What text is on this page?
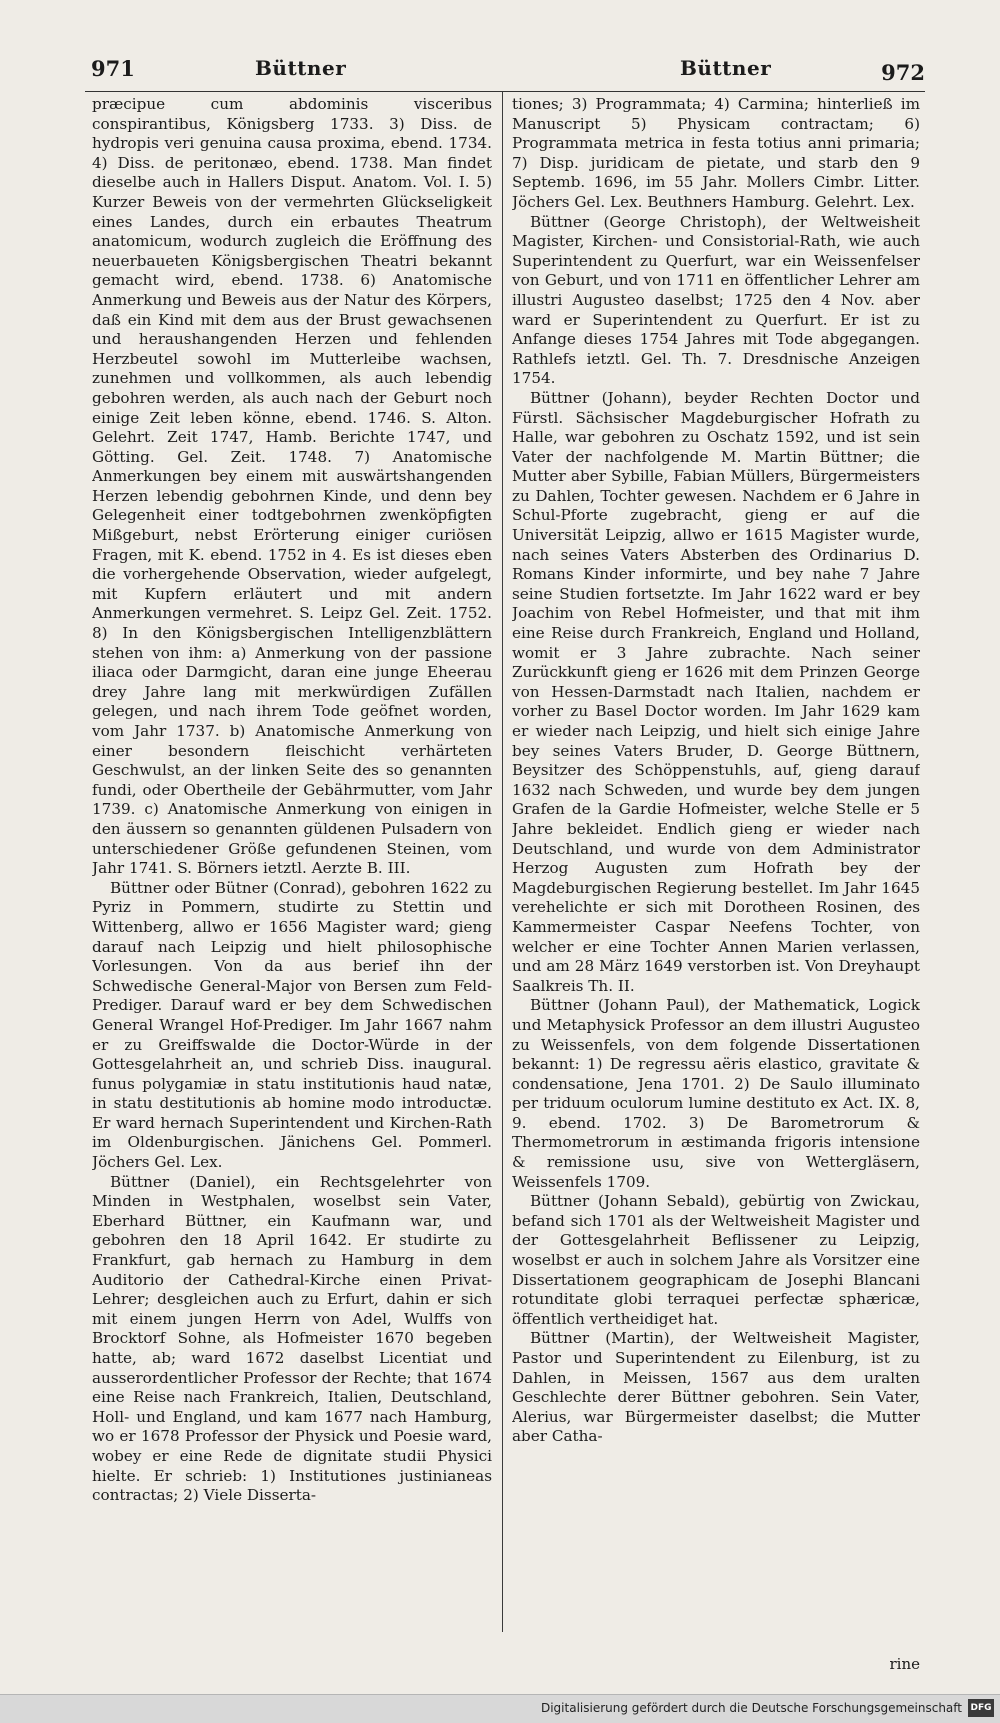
971	Büttner	Büttner	972

præcipue cum abdominis visceribus conspirantibus, Königsberg 1733. 3) Diss. de hydropis veri genuina causa proxima, ebend. 1734. 4) Diss. de peritonæo, ebend. 1738. Man findet dieselbe auch in Hallers Disput. Anatom. Vol. I. 5) Kurzer Beweis von der vermehrten Glückseligkeit eines Landes, durch ein erbautes Theatrum anatomicum, wodurch zugleich die Eröffnung des neuerbaueten Königsbergischen Theatri bekannt gemacht wird, ebend. 1738. 6) Anatomische Anmerkung und Beweis aus der Natur des Körpers, daß ein Kind mit dem aus der Brust gewachsenen und heraushangenden Herzen und fehlenden Herzbeutel sowohl im Mutterleibe wachsen, zunehmen und vollkommen, als auch lebendig gebohren werden, als auch nach der Geburt noch einige Zeit leben könne, ebend. 1746. S. Alton. Gelehrt. Zeit 1747, Hamb. Berichte 1747, und Götting. Gel. Zeit. 1748. 7) Anatomische Anmerkungen bey einem mit auswärtshangenden Herzen lebendig gebohrnen Kinde, und denn bey Gelegenheit einer todtgebohrnen zwenköpfigten Mißgeburt, nebst Erörterung einiger curiösen Fragen, mit K. ebend. 1752 in 4. Es ist dieses eben die vorhergehende Observation, wieder aufgelegt, mit Kupfern erläutert und mit andern Anmerkungen vermehret. S. Leipz Gel. Zeit. 1752. 8) In den Königsbergischen Intelligenzblättern stehen von ihm: a) Anmerkung von der passione iliaca oder Darmgicht, daran eine junge Eheerau drey Jahre lang mit merkwürdigen Zufällen gelegen, und nach ihrem Tode geöfnet worden, vom Jahr 1737. b) Anatomische Anmerkung von einer besondern fleischicht verhärteten Geschwulst, an der linken Seite des so genannten fundi, oder Obertheile der Gebährmutter, vom Jahr 1739. c) Anatomische Anmerkung von einigen in den äussern so genannten güldenen Pulsadern von unterschiedener Größe gefundenen Steinen, vom Jahr 1741. S. Börners ietztl. Aerzte B. III.

Büttner oder Bütner (Conrad), gebohren 1622 zu Pyriz in Pommern, studirte zu Stettin und Wittenberg, allwo er 1656 Magister ward; gieng darauf nach Leipzig und hielt philosophische Vorlesungen. Von da aus berief ihn der Schwedische General-Major von Bersen zum Feld-Prediger. Darauf ward er bey dem Schwedischen General Wrangel Hof-Prediger. Im Jahr 1667 nahm er zu Greiffswalde die Doctor-Würde in der Gottesgelahrheit an, und schrieb Diss. inaugural. funus polygamiæ in statu institutionis haud natæ, in statu destitutionis ab homine modo introductæ. Er ward hernach Superintendent und Kirchen-Rath im Oldenburgischen. Jänichens Gel. Pommerl. Jöchers Gel. Lex.

Büttner (Daniel), ein Rechtsgelehrter von Minden in Westphalen, woselbst sein Vater, Eberhard Büttner, ein Kaufmann war, und gebohren den 18 April 1642. Er studirte zu Frankfurt, gab hernach zu Hamburg in dem Auditorio der Cathedral-Kirche einen Privat-Lehrer; desgleichen auch zu Erfurt, dahin er sich mit einem jungen Herrn von Adel, Wulffs von Brocktorf Sohne, als Hofmeister 1670 begeben hatte, ab; ward 1672 daselbst Licentiat und ausserordentlicher Professor der Rechte; that 1674 eine Reise nach Frankreich, Italien, Deutschland, Holl- und England, und kam 1677 nach Hamburg, wo er 1678 Professor der Physick und Poesie ward, wobey er eine Rede de dignitate studii Physici hielte. Er schrieb: 1) Institutiones justinianeas contractas; 2) Viele Disserta-

tiones; 3) Programmata; 4) Carmina; hinterließ im Manuscript 5) Physicam contractam; 6) Programmata metrica in festa totius anni primaria; 7) Disp. juridicam de pietate, und starb den 9 Septemb. 1696, im 55 Jahr. Mollers Cimbr. Litter. Jöchers Gel. Lex. Beuthners Hamburg. Gelehrt. Lex.

Büttner (George Christoph), der Weltweisheit Magister, Kirchen- und Consistorial-Rath, wie auch Superintendent zu Querfurt, war ein Weissenfelser von Geburt, und von 1711 en öffentlicher Lehrer am illustri Augusteo daselbst; 1725 den 4 Nov. aber ward er Superintendent zu Querfurt. Er ist zu Anfange dieses 1754 Jahres mit Tode abgegangen. Rathlefs ietztl. Gel. Th. 7. Dresdnische Anzeigen 1754.

Büttner (Johann), beyder Rechten Doctor und Fürstl. Sächsischer Magdeburgischer Hofrath zu Halle, war gebohren zu Oschatz 1592, und ist sein Vater der nachfolgende M. Martin Büttner; die Mutter aber Sybille, Fabian Müllers, Bürgermeisters zu Dahlen, Tochter gewesen. Nachdem er 6 Jahre in Schul-Pforte zugebracht, gieng er auf die Universität Leipzig, allwo er 1615 Magister wurde, nach seines Vaters Absterben des Ordinarius D. Romans Kinder informirte, und bey nahe 7 Jahre seine Studien fortsetzte. Im Jahr 1622 ward er bey Joachim von Rebel Hofmeister, und that mit ihm eine Reise durch Frankreich, England und Holland, womit er 3 Jahre zubrachte. Nach seiner Zurückkunft gieng er 1626 mit dem Prinzen George von Hessen-Darmstadt nach Italien, nachdem er vorher zu Basel Doctor worden. Im Jahr 1629 kam er wieder nach Leipzig, und hielt sich einige Jahre bey seines Vaters Bruder, D. George Büttnern, Beysitzer des Schöppenstuhls, auf, gieng darauf 1632 nach Schweden, und wurde bey dem jungen Grafen de la Gardie Hofmeister, welche Stelle er 5 Jahre bekleidet. Endlich gieng er wieder nach Deutschland, und wurde von dem Administrator Herzog Augusten zum Hofrath bey der Magdeburgischen Regierung bestellet. Im Jahr 1645 verehelichte er sich mit Dorotheen Rosinen, des Kammermeister Caspar Neefens Tochter, von welcher er eine Tochter Annen Marien verlassen, und am 28 März 1649 verstorben ist. Von Dreyhaupt Saalkreis Th. II.

Büttner (Johann Paul), der Mathematick, Logick und Metaphysick Professor an dem illustri Augusteo zu Weissenfels, von dem folgende Dissertationen bekannt: 1) De regressu aëris elastico, gravitate & condensatione, Jena 1701. 2) De Saulo illuminato per triduum oculorum lumine destituto ex Act. IX. 8, 9. ebend. 1702. 3) De Barometrorum & Thermometrorum in æstimanda frigoris intensione & remissione usu, sive von Wettergläsern, Weissenfels 1709.

Büttner (Johann Sebald), gebürtig von Zwickau, befand sich 1701 als der Weltweisheit Magister und der Gottesgelahrheit Beflissener zu Leipzig, woselbst er auch in solchem Jahre als Vorsitzer eine Dissertationem geographicam de Josephi Blancani rotunditate globi terraquei perfectæ sphæricæ, öffentlich vertheidiget hat.

Büttner (Martin), der Weltweisheit Magister, Pastor und Superintendent zu Eilenburg, ist zu Dahlen, in Meissen, 1567 aus dem uralten Geschlechte derer Büttner gebohren. Sein Vater, Alerius, war Bürgermeister daselbst; die Mutter aber Catha-

rine
Digitalisierung gefördert durch die Deutsche Forschungsgemeinschaft DFG
